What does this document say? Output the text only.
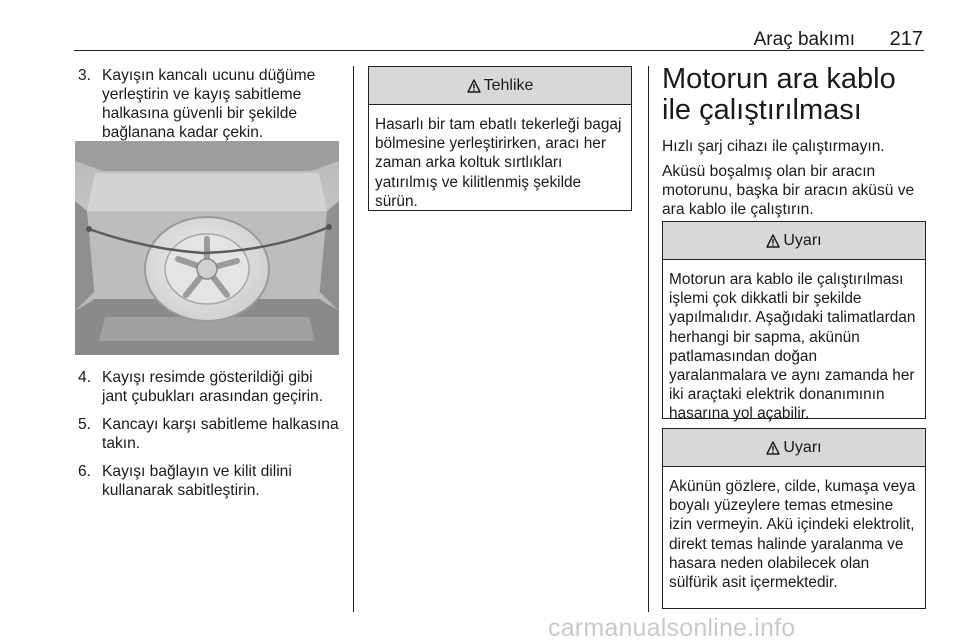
Araç bakımı 217
3. Kayışın kancalı ucunu düğüme yerleştirin ve kayış sabitleme halkasına güvenli bir şekilde bağlanana kadar çekin.
4. Kayışı resimde gösterildiği gibi jant çubukları arasından geçirin.
5. Kancayı karşı sabitleme halkasına takın.
6. Kayışı bağlayın ve kilit dilini kullanarak sabitleştirin.
Tehlike
Hasarlı bir tam ebatlı tekerleği bagaj bölmesine yerleştirirken, aracı her zaman arka koltuk sırtlıkları yatırılmış ve kilitlenmiş şekilde sürün.
Motorun ara kablo ile çalıştırılması
Hızlı şarj cihazı ile çalıştırmayın.
Aküsü boşalmış olan bir aracın motorunu, başka bir aracın aküsü ve ara kablo ile çalıştırın.
Uyarı
Motorun ara kablo ile çalıştırılması işlemi çok dikkatli bir şekilde yapılmalıdır. Aşağıdaki talimatlardan herhangi bir sapma, akünün patlamasından doğan yaralanmalara ve aynı zamanda her iki araçtaki elektrik donanımının hasarına yol açabilir.
Uyarı
Akünün gözlere, cilde, kumaşa veya boyalı yüzeylere temas etmesine izin vermeyin. Akü içindeki elektrolit, direkt temas halinde yaralanma ve hasara neden olabilecek olan sülfürik asit içermektedir.
carmanualsonline.info
